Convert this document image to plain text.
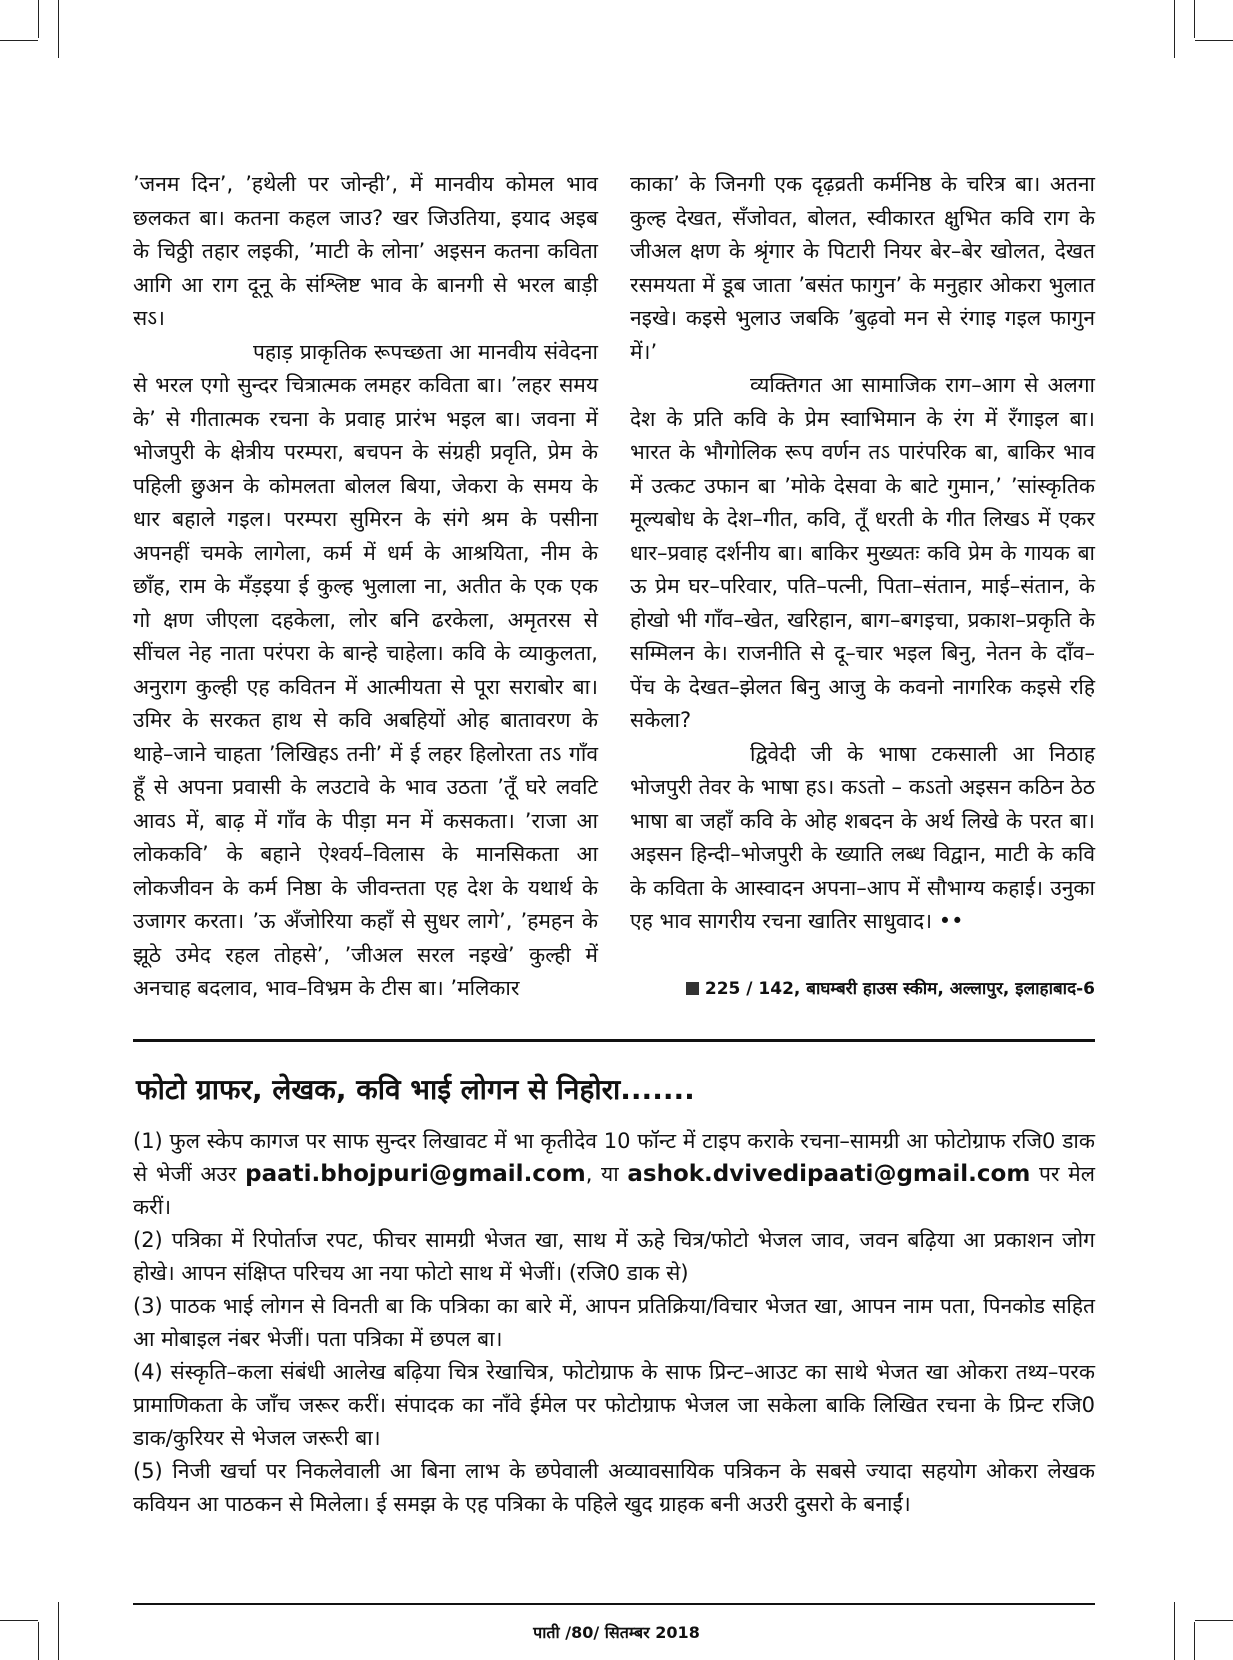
’जनम दिन’, ’हथेली पर जोन्ही’, में मानवीय कोमल भाव छलकत बा। कतना कहल जाउ? खर जिउतिया, इयाद अइब के चिठ्ठी तहार लइकी, ’माटी के लोना’ अइसन कतना कविता आगि आ राग दूनू के संश्लिष्ट भाव के बानगी से भरल बाड़ी सऽ।

पहाड़ प्राकृतिक रूपच्छता आ मानवीय संवेदना से भरल एगो सुन्दर चित्रात्मक लमहर कविता बा। ’लहर समय के’ से गीतात्मक रचना के प्रवाह प्रारंभ भइल बा। जवना में भोजपुरी के क्षेत्रीय परम्परा, बचपन के संग्रही प्रवृति, प्रेम के पहिली छुअन के कोमलता बोलल बिया, जेकरा के समय के धार बहाले गइल। परम्परा सुमिरन के संगे श्रम के पसीना अपनहीं चमके लागेला, कर्म में धर्म के आश्रयिता, नीम के छाँह, राम के मँड़इया ई कुल्ह भुलाला ना, अतीत के एक एक गो क्षण जीएला दहकेला, लोर बनि ढरकेला, अमृतरस से सींचल नेह नाता परंपरा के बान्हे चाहेला। कवि के व्याकुलता, अनुराग कुल्ही एह कवितन में आत्मीयता से पूरा सराबोर बा। उमिर के सरकत हाथ से कवि अबहियों ओह बातावरण के थाहे–जाने चाहता ’लिखिहऽ तनी’ में ई लहर हिलोरता तऽ गाँव हूँ से अपना प्रवासी के लउटावे के भाव उठता ’तूँ घरे लवटि आवऽ में, बाढ़ में गाँव के पीड़ा मन में कसकता। ’राजा आ लोककवि’ के बहाने ऐश्वर्य–विलास के मानसिकता आ लोकजीवन के कर्म निष्ठा के जीवन्तता एह देश के यथार्थ के उजागर करता। ’ऊ अँजोरिया कहाँ से सुधर लागे’, ’हमहन के झूठे उमेद रहल तोहसे’, ’जीअल सरल नइखे’ कुल्ही में अनचाह बदलाव, भाव–विभ्रम के टीस बा। ’मलिकार

काका’ के जिनगी एक दृढ़व्रती कर्मनिष्ठ के चरित्र बा। अतना कुल्ह देखत, सँजोवत, बोलत, स्वीकारत क्षुभित कवि राग के जीअल क्षण के श्रृंगार के पिटारी नियर बेर–बेर खोलत, देखत रसमयता में डूब जाता ’बसंत फागुन’ के मनुहार ओकरा भुलात नइखे। कइसे भुलाउ जबकि ’बुढ़वो मन से रंगाइ गइल फागुन में।’

व्यक्तिगत आ सामाजिक राग–आग से अलगा देश के प्रति कवि के प्रेम स्वाभिमान के रंग में रँगाइल बा। भारत के भौगोलिक रूप वर्णन तऽ पारंपरिक बा, बाकिर भाव में उत्कट उफान बा ’मोके देसवा के बाटे गुमान,’ ’सांस्कृतिक मूल्यबोध के देश–गीत, कवि, तूँ धरती के गीत लिखऽ में एकर धार–प्रवाह दर्शनीय बा। बाकिर मुख्यतः कवि प्रेम के गायक बा ऊ प्रेम घर–परिवार, पति–पत्नी, पिता–संतान, माई–संतान, के होखो भी गाँव–खेत, खरिहान, बाग–बगइचा, प्रकाश–प्रकृति के सम्मिलन के। राजनीति से दू–चार भइल बिनु, नेतन के दाँव–पेंच के देखत–झेलत बिनु आजु के कवनो नागरिक कइसे रहि सकेला?

द्विवेदी जी के भाषा टकसाली आ निठाह भोजपुरी तेवर के भाषा हऽ। कऽतो – कऽतो अइसन कठिन ठेठ भाषा बा जहाँ कवि के ओह शबदन के अर्थ लिखे के परत बा। अइसन हिन्दी–भोजपुरी के ख्याति लब्ध विद्वान, माटी के कवि के कविता के आस्वादन अपना–आप में सौभाग्य कहाई। उनुका एह भाव सागरीय रचना खातिर साधुवाद। ••

225 / 142, बाघम्बरी हाउस स्कीम, अल्लापुर, इलाहाबाद-6
फोटो ग्राफर, लेखक, कवि भाई लोगन से निहोरा.......

(1) फुल स्केप कागज पर साफ सुन्दर लिखावट में भा कृतीदेव 10 फॉन्ट में टाइप कराके रचना–सामग्री आ फोटोग्राफ रजि0 डाक से भेजीं अउर paati.bhojpuri@gmail.com, या ashok.dvivedipaati@gmail.com पर मेल करीं।

(2) पत्रिका में रिपोर्ताज रपट, फीचर सामग्री भेजत खा, साथ में ऊहे चित्र/फोटो भेजल जाव, जवन बढ़िया आ प्रकाशन जोग होखे। आपन संक्षिप्त परिचय आ नया फोटो साथ में भेजीं। (रजि0 डाक से)

(3) पाठक भाई लोगन से विनती बा कि पत्रिका का बारे में, आपन प्रतिक्रिया/विचार भेजत खा, आपन नाम पता, पिनकोड सहित आ मोबाइल नंबर भेजीं। पता पत्रिका में छपल बा।

(4) संस्कृति–कला संबंधी आलेख बढ़िया चित्र रेखाचित्र, फोटोग्राफ के साफ प्रिन्ट–आउट का साथे भेजत खा ओकरा तथ्य–परक प्रामाणिकता के जाँच जरूर करीं। संपादक का नाँवे ईमेल पर फोटोग्राफ भेजल जा सकेला बाकि लिखित रचना के प्रिन्ट रजि0 डाक/कुरियर से भेजल जरूरी बा।

(5) निजी खर्चा पर निकलेवाली आ बिना लाभ के छपेवाली अव्यावसायिक पत्रिकन के सबसे ज्यादा सहयोग ओकरा लेखक कवियन आ पाठकन से मिलेला। ई समझ के एह पत्रिका के पहिले खुद ग्राहक बनी अउरी दुसरो के बनाईं।

पाती /80/ सितम्बर 2018
